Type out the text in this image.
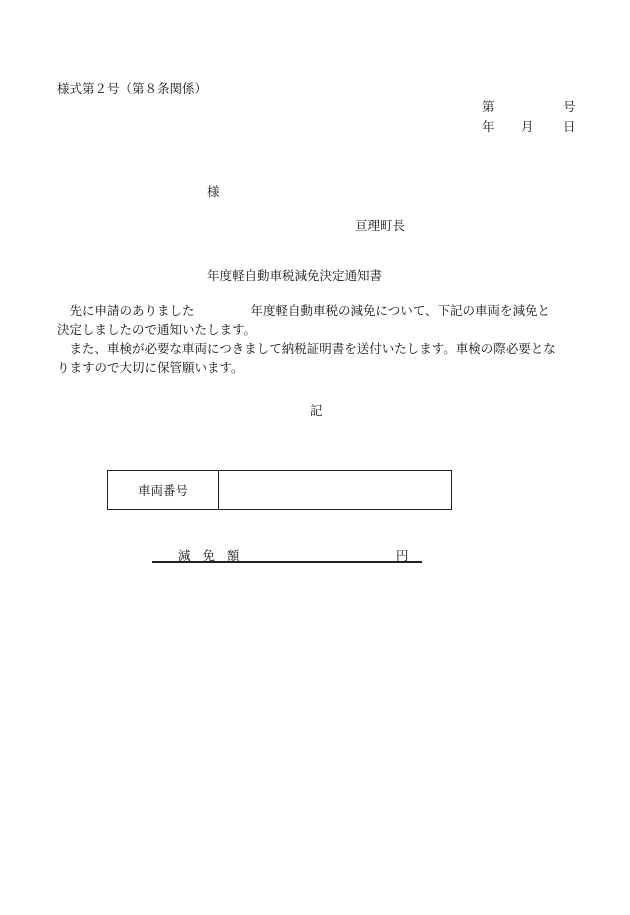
様式第２号（第８条関係）
第	号
年 月 日
様
亘理町長
年度軽自動車税減免決定通知書

　先に申請のありました	年度軽自動車税の減免について、下記の車両を減免と決定しましたので通知いたします。

　また、車検が必要な車両につきまして納税証明書を送付いたします。車検の際必要となりますので大切に保管願います。

記
車両番号	
減免額	円
